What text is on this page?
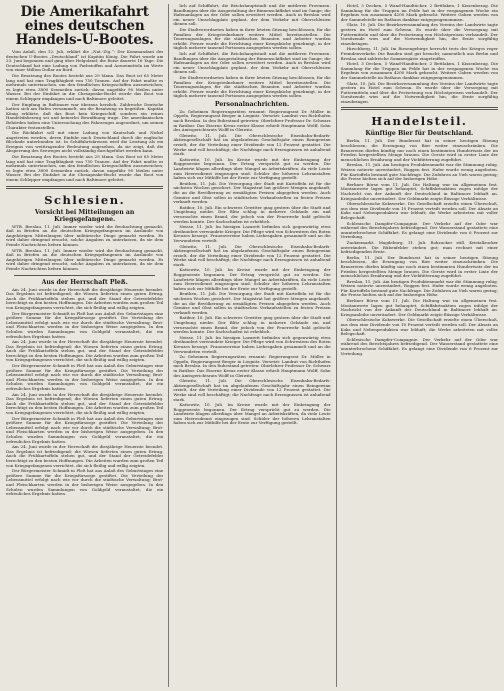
Die Amerikafahrt eines deutschen Handels-U-Bootes.

Vom Anlaß, den 12. Juli, erklärt die „Nat.-Ztg.“: Der Kommandant des deutschen U-Bootes „Deutschland“ ist Kapitän König. Die Fahrt wurde am 23. Juni begonnen und ging über Helgoland; die Reise dauerte 16 Tage. Die Deutschland hat eine Ladung von Farbstoffen und Arzneimitteln im Werte von einer Million Dollar an Bord.

Die Besatzung des Bootes besteht aus 29 Mann. Das Boot ist 65 Meter lang und hat eine Tragfähigkeit von 750 Tonnen. Auf der Fahrt mußte es mehrmals untertauchen, um den feindlichen Kriegsschiffen auszuweichen; es legte etwa 3800 Seemeilen zurück, davon ungefähr 90 Meilen unter Wasser. Bei der Einfahrt in die Chesapeake-Bucht wurde das Boot von einem Schlepper empfangen und nach Baltimore geleitet.

Der Empfang in Baltimore war überaus herzlich. Zahlreiche Deutsche hatten sich am Hafen versammelt, um die Besatzung zu begrüßen. Kapitän König erklärte, daß das Boot kein Kriegsschiff, sondern ein reines Handelsfahrzeug sei und keinerlei Bewaffnung trage. Die amerikanischen Behörden haben eine Untersuchung des Fahrzeuges angeordnet, um seinen Charakter festzustellen.

Die Rückfahrt soll mit einer Ladung von Kautschuk und Nickel angetreten werden, deren Einfuhr nach Deutschland durch die englische Blockade unterbunden ist. In Schiffahrtskreisen wird die Leistung als ein Ereignis von weittragender Bedeutung angesehen, da sie zeigt, daß die Absperrung des Seeweges nicht vollständig durchgeführt werden kann.

Die Besatzung des Bootes besteht aus 29 Mann. Das Boot ist 65 Meter lang und hat eine Tragfähigkeit von 750 Tonnen. Auf der Fahrt mußte es mehrmals untertauchen, um den feindlichen Kriegsschiffen auszuweichen; es legte etwa 3800 Seemeilen zurück, davon ungefähr 90 Meilen unter Wasser. Bei der Einfahrt in die Chesapeake-Bucht wurde das Boot von einem Schlepper empfangen und nach Baltimore geleitet.

Schlesien.
Vorsicht bei Mitteilungen an Kriegsgefangene.

WTB. Breslau, 11. Juli. Immer wieder wird die Beobachtung gemacht, daß in Briefen an die deutschen Kriegsgefangenen im Auslande von Angehörigen Mitteilungen über militärische Dinge gemacht werden. Es wird daher dringend ersucht, solche Angaben zu unterlassen, da sie dem Feinde Nachrichten liefern können.

WTB. Breslau, 11. Juli. Immer wieder wird die Beobachtung gemacht, daß in Briefen an die deutschen Kriegsgefangenen im Auslande von Angehörigen Mitteilungen über militärische Dinge gemacht werden. Es wird daher dringend ersucht, solche Angaben zu unterlassen, da sie dem Feinde Nachrichten liefern können.

Aus der Herrschaft Pleß.

Am 24. Juni wurde in der Herrschaft die diesjährige Heuernte beendet. Das Ergebnis ist befriedigend; die Wiesen lieferten einen guten Ertrag. Auch die Frühkartoffeln stehen gut, und der Stand der Getreidefelder berechtigt zu den besten Hoffnungen. Die Arbeiten wurden zum großen Teil von Kriegsgefangenen verrichtet, die sich fleißig und willig zeigten.

Der Bürgermeister Schmidt in Pleß hat aus Anlaß des Geburtstages eine größere Summe für die Kriegsfürsorge gestiftet. Die Verteilung der Lebensmittel erfolgt nach wie vor durch die städtische Verwaltung; Brot- und Fleischkarten werden in der bisherigen Weise ausgegeben. In den Schulen wurden Sammlungen von Goldgeld veranstaltet, die ein erfreuliches Ergebnis hatten.

Am 24. Juni wurde in der Herrschaft die diesjährige Heuernte beendet. Das Ergebnis ist befriedigend; die Wiesen lieferten einen guten Ertrag. Auch die Frühkartoffeln stehen gut, und der Stand der Getreidefelder berechtigt zu den besten Hoffnungen. Die Arbeiten wurden zum großen Teil von Kriegsgefangenen verrichtet, die sich fleißig und willig zeigten.

Der Bürgermeister Schmidt in Pleß hat aus Anlaß des Geburtstages eine größere Summe für die Kriegsfürsorge gestiftet. Die Verteilung der Lebensmittel erfolgt nach wie vor durch die städtische Verwaltung; Brot- und Fleischkarten werden in der bisherigen Weise ausgegeben. In den Schulen wurden Sammlungen von Goldgeld veranstaltet, die ein erfreuliches Ergebnis hatten.

Am 24. Juni wurde in der Herrschaft die diesjährige Heuernte beendet. Das Ergebnis ist befriedigend; die Wiesen lieferten einen guten Ertrag. Auch die Frühkartoffeln stehen gut, und der Stand der Getreidefelder berechtigt zu den besten Hoffnungen. Die Arbeiten wurden zum großen Teil von Kriegsgefangenen verrichtet, die sich fleißig und willig zeigten.

Der Bürgermeister Schmidt in Pleß hat aus Anlaß des Geburtstages eine größere Summe für die Kriegsfürsorge gestiftet. Die Verteilung der Lebensmittel erfolgt nach wie vor durch die städtische Verwaltung; Brot- und Fleischkarten werden in der bisherigen Weise ausgegeben. In den Schulen wurden Sammlungen von Goldgeld veranstaltet, die ein erfreuliches Ergebnis hatten.

Am 24. Juni wurde in der Herrschaft die diesjährige Heuernte beendet. Das Ergebnis ist befriedigend; die Wiesen lieferten einen guten Ertrag. Auch die Frühkartoffeln stehen gut, und der Stand der Getreidefelder berechtigt zu den besten Hoffnungen. Die Arbeiten wurden zum großen Teil von Kriegsgefangenen verrichtet, die sich fleißig und willig zeigten.

Der Bürgermeister Schmidt in Pleß hat aus Anlaß des Geburtstages eine größere Summe für die Kriegsfürsorge gestiftet. Die Verteilung der Lebensmittel erfolgt nach wie vor durch die städtische Verwaltung; Brot- und Fleischkarten werden in der bisherigen Weise ausgegeben. In den Schulen wurden Sammlungen von Goldgeld veranstaltet, die ein erfreuliches Ergebnis hatten.

lich auf Schiffahrt, die Reichshauptstadt und die mittleren Provinzen. Bandlungen über die Ausgestaltung der Binnenschiffahrt sind im Gange; die Hafenanlagen an der Oder sollen erweitert werden. Auch in Breslau wird ein neuer Umschlagplatz geplant, der dem Verkehr mit Oberschlesien dienen soll.

Die Stadtverordneten haben in ihrer letzten Sitzung beschlossen, für die Familien der Kriegsteilnehmer weitere Mittel bereitzustellen. Die Teuerungszulagen für die städtischen Beamten und Arbeiter wurden erhöht. Ferner wurde die Errichtung einer Kriegsküche genehmigt, in der täglich mehrere tausend Portionen ausgegeben werden sollen.

lich auf Schiffahrt, die Reichshauptstadt und die mittleren Provinzen. Bandlungen über die Ausgestaltung der Binnenschiffahrt sind im Gange; die Hafenanlagen an der Oder sollen erweitert werden. Auch in Breslau wird ein neuer Umschlagplatz geplant, der dem Verkehr mit Oberschlesien dienen soll.

Die Stadtverordneten haben in ihrer letzten Sitzung beschlossen, für die Familien der Kriegsteilnehmer weitere Mittel bereitzustellen. Die Teuerungszulagen für die städtischen Beamten und Arbeiter wurden erhöht. Ferner wurde die Errichtung einer Kriegsküche genehmigt, in der täglich mehrere tausend Portionen ausgegeben werden sollen.

Personalnachrichten.

Zu Geheimen Regierungsräten ernannt: Regierungsrat Dr. Müller in Oppeln, Regierungsrat Berger in Liegnitz. Versetzt: Landrat von Richthofen nach Breslau. In den Ruhestand getreten: Oberlehrer Professor Dr. Schwarz in Ratibor. Das Eiserne Kreuz erster Klasse erhielt Hauptmann Wolff, Sohn des Amtsgerichtsrats Wolff in Gleiwitz.

Gleiwitz, 11. Juli. Die Oberschlesische Eisenbahn-Bedarfs-Aktiengesellschaft hat im abgelaufenen Geschäftsjahr einen Reingewinn erzielt, der die Verteilung einer Dividende von 12 Prozent gestattet. Die Werke sind voll beschäftigt; die Nachfrage nach Erzeugnissen ist anhaltend stark.

Kattowitz, 10. Juli. Im Kreise wurde mit der Einbringung der Roggenernte begonnen. Der Ertrag verspricht gut zu werden. Die Landwirte klagen allerdings über Mangel an Arbeitskräften, da viele Leute zum Heeresdienst eingezogen sind. Schüler der höheren Lehranstalten haben sich zur Mithilfe bei der Ernte zur Verfügung gestellt.

Beuthen, 11. Juli. Die Versorgung der Stadt mit Kartoffeln ist für die nächsten Wochen gesichert. Der Magistrat hat größere Mengen angekauft, die an die Bevölkerung zu ermäßigten Preisen abgegeben werden. Auch Gemüse und Obst sollen in städtischen Verkaufsstellen zu festen Preisen verkauft werden.

Ratibor, 10. Juli. Ein schweres Gewitter ging gestern über die Stadt und Umgebung nieder. Der Blitz schlug in mehrere Gebäude ein und verursachte einen Brand, der jedoch von der Feuerwehr bald gelöscht werden konnte. Der Sachschaden ist erheblich.

Neisse, 11. Juli. Im hiesigen Lazarett befinden sich gegenwärtig etwa dreihundert verwundete Krieger. Die Pflege wird von Schwestern des Roten Kreuzes besorgt. Frauenvereine haben Liebesgaben gesammelt und an die Verwundeten verteilt.

Gleiwitz, 11. Juli. Die Oberschlesische Eisenbahn-Bedarfs-Aktiengesellschaft hat im abgelaufenen Geschäftsjahr einen Reingewinn erzielt, der die Verteilung einer Dividende von 12 Prozent gestattet. Die Werke sind voll beschäftigt; die Nachfrage nach Erzeugnissen ist anhaltend stark.

Kattowitz, 10. Juli. Im Kreise wurde mit der Einbringung der Roggenernte begonnen. Der Ertrag verspricht gut zu werden. Die Landwirte klagen allerdings über Mangel an Arbeitskräften, da viele Leute zum Heeresdienst eingezogen sind. Schüler der höheren Lehranstalten haben sich zur Mithilfe bei der Ernte zur Verfügung gestellt.

Beuthen, 11. Juli. Die Versorgung der Stadt mit Kartoffeln ist für die nächsten Wochen gesichert. Der Magistrat hat größere Mengen angekauft, die an die Bevölkerung zu ermäßigten Preisen abgegeben werden. Auch Gemüse und Obst sollen in städtischen Verkaufsstellen zu festen Preisen verkauft werden.

Ratibor, 10. Juli. Ein schweres Gewitter ging gestern über die Stadt und Umgebung nieder. Der Blitz schlug in mehrere Gebäude ein und verursachte einen Brand, der jedoch von der Feuerwehr bald gelöscht werden konnte. Der Sachschaden ist erheblich.

Neisse, 11. Juli. Im hiesigen Lazarett befinden sich gegenwärtig etwa dreihundert verwundete Krieger. Die Pflege wird von Schwestern des Roten Kreuzes besorgt. Frauenvereine haben Liebesgaben gesammelt und an die Verwundeten verteilt.

Zu Geheimen Regierungsräten ernannt: Regierungsrat Dr. Müller in Oppeln, Regierungsrat Berger in Liegnitz. Versetzt: Landrat von Richthofen nach Breslau. In den Ruhestand getreten: Oberlehrer Professor Dr. Schwarz in Ratibor. Das Eiserne Kreuz erster Klasse erhielt Hauptmann Wolff, Sohn des Amtsgerichtsrats Wolff in Gleiwitz.

Gleiwitz, 11. Juli. Die Oberschlesische Eisenbahn-Bedarfs-Aktiengesellschaft hat im abgelaufenen Geschäftsjahr einen Reingewinn erzielt, der die Verteilung einer Dividende von 12 Prozent gestattet. Die Werke sind voll beschäftigt; die Nachfrage nach Erzeugnissen ist anhaltend stark.

Kattowitz, 10. Juli. Im Kreise wurde mit der Einbringung der Roggenernte begonnen. Der Ertrag verspricht gut zu werden. Die Landwirte klagen allerdings über Mangel an Arbeitskräften, da viele Leute zum Heeresdienst eingezogen sind. Schüler der höheren Lehranstalten haben sich zur Mithilfe bei der Ernte zur Verfügung gestellt.

Hotel, 3 Decken, 5 Wand-Handtücher, 2 Bettlaken, 1 Kissenbezug. Die Sammlung für die Truppen im Felde hat in der vergangenen Woche ein Ergebnis von zusammen 4200 Mark gebracht. Weitere Gaben werden von der Sammelstelle im Rathaus dankbar entgegengenommen.

Glatz, 10. Juli. Die Bezirksversammlung des Vereins der Landwirte tagte gestern im Hotel zum Schwan. Es wurde über die Versorgung mit Futtermitteln und über die Festsetzung von Höchstpreisen verhandelt. Der Vorsitzende wies auf die Notwendigkeit hin, die Ernte sorgfältig einzubringen.

Hirschberg, 11. Juli. Im Riesengebirge herrscht trotz des Krieges reger Fremdenverkehr. Die Bauden sind gut besucht; namentlich aus Berlin und Breslau sind zahlreiche Sommergäste eingetroffen.

Hotel, 3 Decken, 5 Wand-Handtücher, 2 Bettlaken, 1 Kissenbezug. Die Sammlung für die Truppen im Felde hat in der vergangenen Woche ein Ergebnis von zusammen 4200 Mark gebracht. Weitere Gaben werden von der Sammelstelle im Rathaus dankbar entgegengenommen.

Glatz, 10. Juli. Die Bezirksversammlung des Vereins der Landwirte tagte gestern im Hotel zum Schwan. Es wurde über die Versorgung mit Futtermitteln und über die Festsetzung von Höchstpreisen verhandelt. Der Vorsitzende wies auf die Notwendigkeit hin, die Ernte sorgfältig einzubringen.

Handelsteil.
Künftige Bier für Deutschland.

Berlin, 11. Juli. Der Bundesrat hat in seiner heutigen Sitzung beschlossen, die Erzeugung von Bier weiter einzuschränken. Die Brauereien dürfen künftig nur noch einen bestimmten Hundertsatz der im Frieden hergestellten Menge brauen. Die Gerste wird in erster Linie der menschlichen Ernährung und der Viehfütterung zugeführt.

Breslau, 11. Juli. Am heutigen Produktenmarkt war die Stimmung ruhig. Weizen notierte unverändert, Roggen fest. Hafer wurde wenig angeboten. Für Kartoffeln bestand gute Nachfrage. Die Zufuhren an Vieh waren gering; die Preise hielten sich auf der bisherigen Höhe.

Berliner Börse vom 11. Juli. Die Haltung war im allgemeinen fest. Montanwerte lagen gut behauptet, Schiffahrtsaktien zogen infolge der Nachricht von der Ankunft der Deutschland in Baltimore lebhaft an. Kriegsanleihe unverändert. Der Geldmarkt zeigte flüssige Verhältnisse.

Oberschlesische Kokswerke. Die Gesellschaft erzielte einen Überschuß, aus dem eine Dividende von 10 Prozent verteilt werden soll. Der Absatz an Koks und Nebenprodukten war lebhaft; die Werke arbeiteten mit voller Belegschaft.

Schlesische Dampfer-Compagnie. Der Verkehr auf der Oder war während des Berichtsjahres befriedigend. Der Wasserstand gestattete eine ununterbrochene Schiffahrt. Es gelangt eine Dividende von 6 Prozent zur Verteilung.

Zuckermarkt. Magdeburg, 11. Juli. Rohzucker still, Kristallzucker unverändert. Die Rübenfelder stehen gut; man rechnet mit einer befriedigenden Ernte.

Berlin, 11. Juli. Der Bundesrat hat in seiner heutigen Sitzung beschlossen, die Erzeugung von Bier weiter einzuschränken. Die Brauereien dürfen künftig nur noch einen bestimmten Hundertsatz der im Frieden hergestellten Menge brauen. Die Gerste wird in erster Linie der menschlichen Ernährung und der Viehfütterung zugeführt.

Breslau, 11. Juli. Am heutigen Produktenmarkt war die Stimmung ruhig. Weizen notierte unverändert, Roggen fest. Hafer wurde wenig angeboten. Für Kartoffeln bestand gute Nachfrage. Die Zufuhren an Vieh waren gering; die Preise hielten sich auf der bisherigen Höhe.

Berliner Börse vom 11. Juli. Die Haltung war im allgemeinen fest. Montanwerte lagen gut behauptet, Schiffahrtsaktien zogen infolge der Nachricht von der Ankunft der Deutschland in Baltimore lebhaft an. Kriegsanleihe unverändert. Der Geldmarkt zeigte flüssige Verhältnisse.

Oberschlesische Kokswerke. Die Gesellschaft erzielte einen Überschuß, aus dem eine Dividende von 10 Prozent verteilt werden soll. Der Absatz an Koks und Nebenprodukten war lebhaft; die Werke arbeiteten mit voller Belegschaft.

Schlesische Dampfer-Compagnie. Der Verkehr auf der Oder war während des Berichtsjahres befriedigend. Der Wasserstand gestattete eine ununterbrochene Schiffahrt. Es gelangt eine Dividende von 6 Prozent zur Verteilung.
